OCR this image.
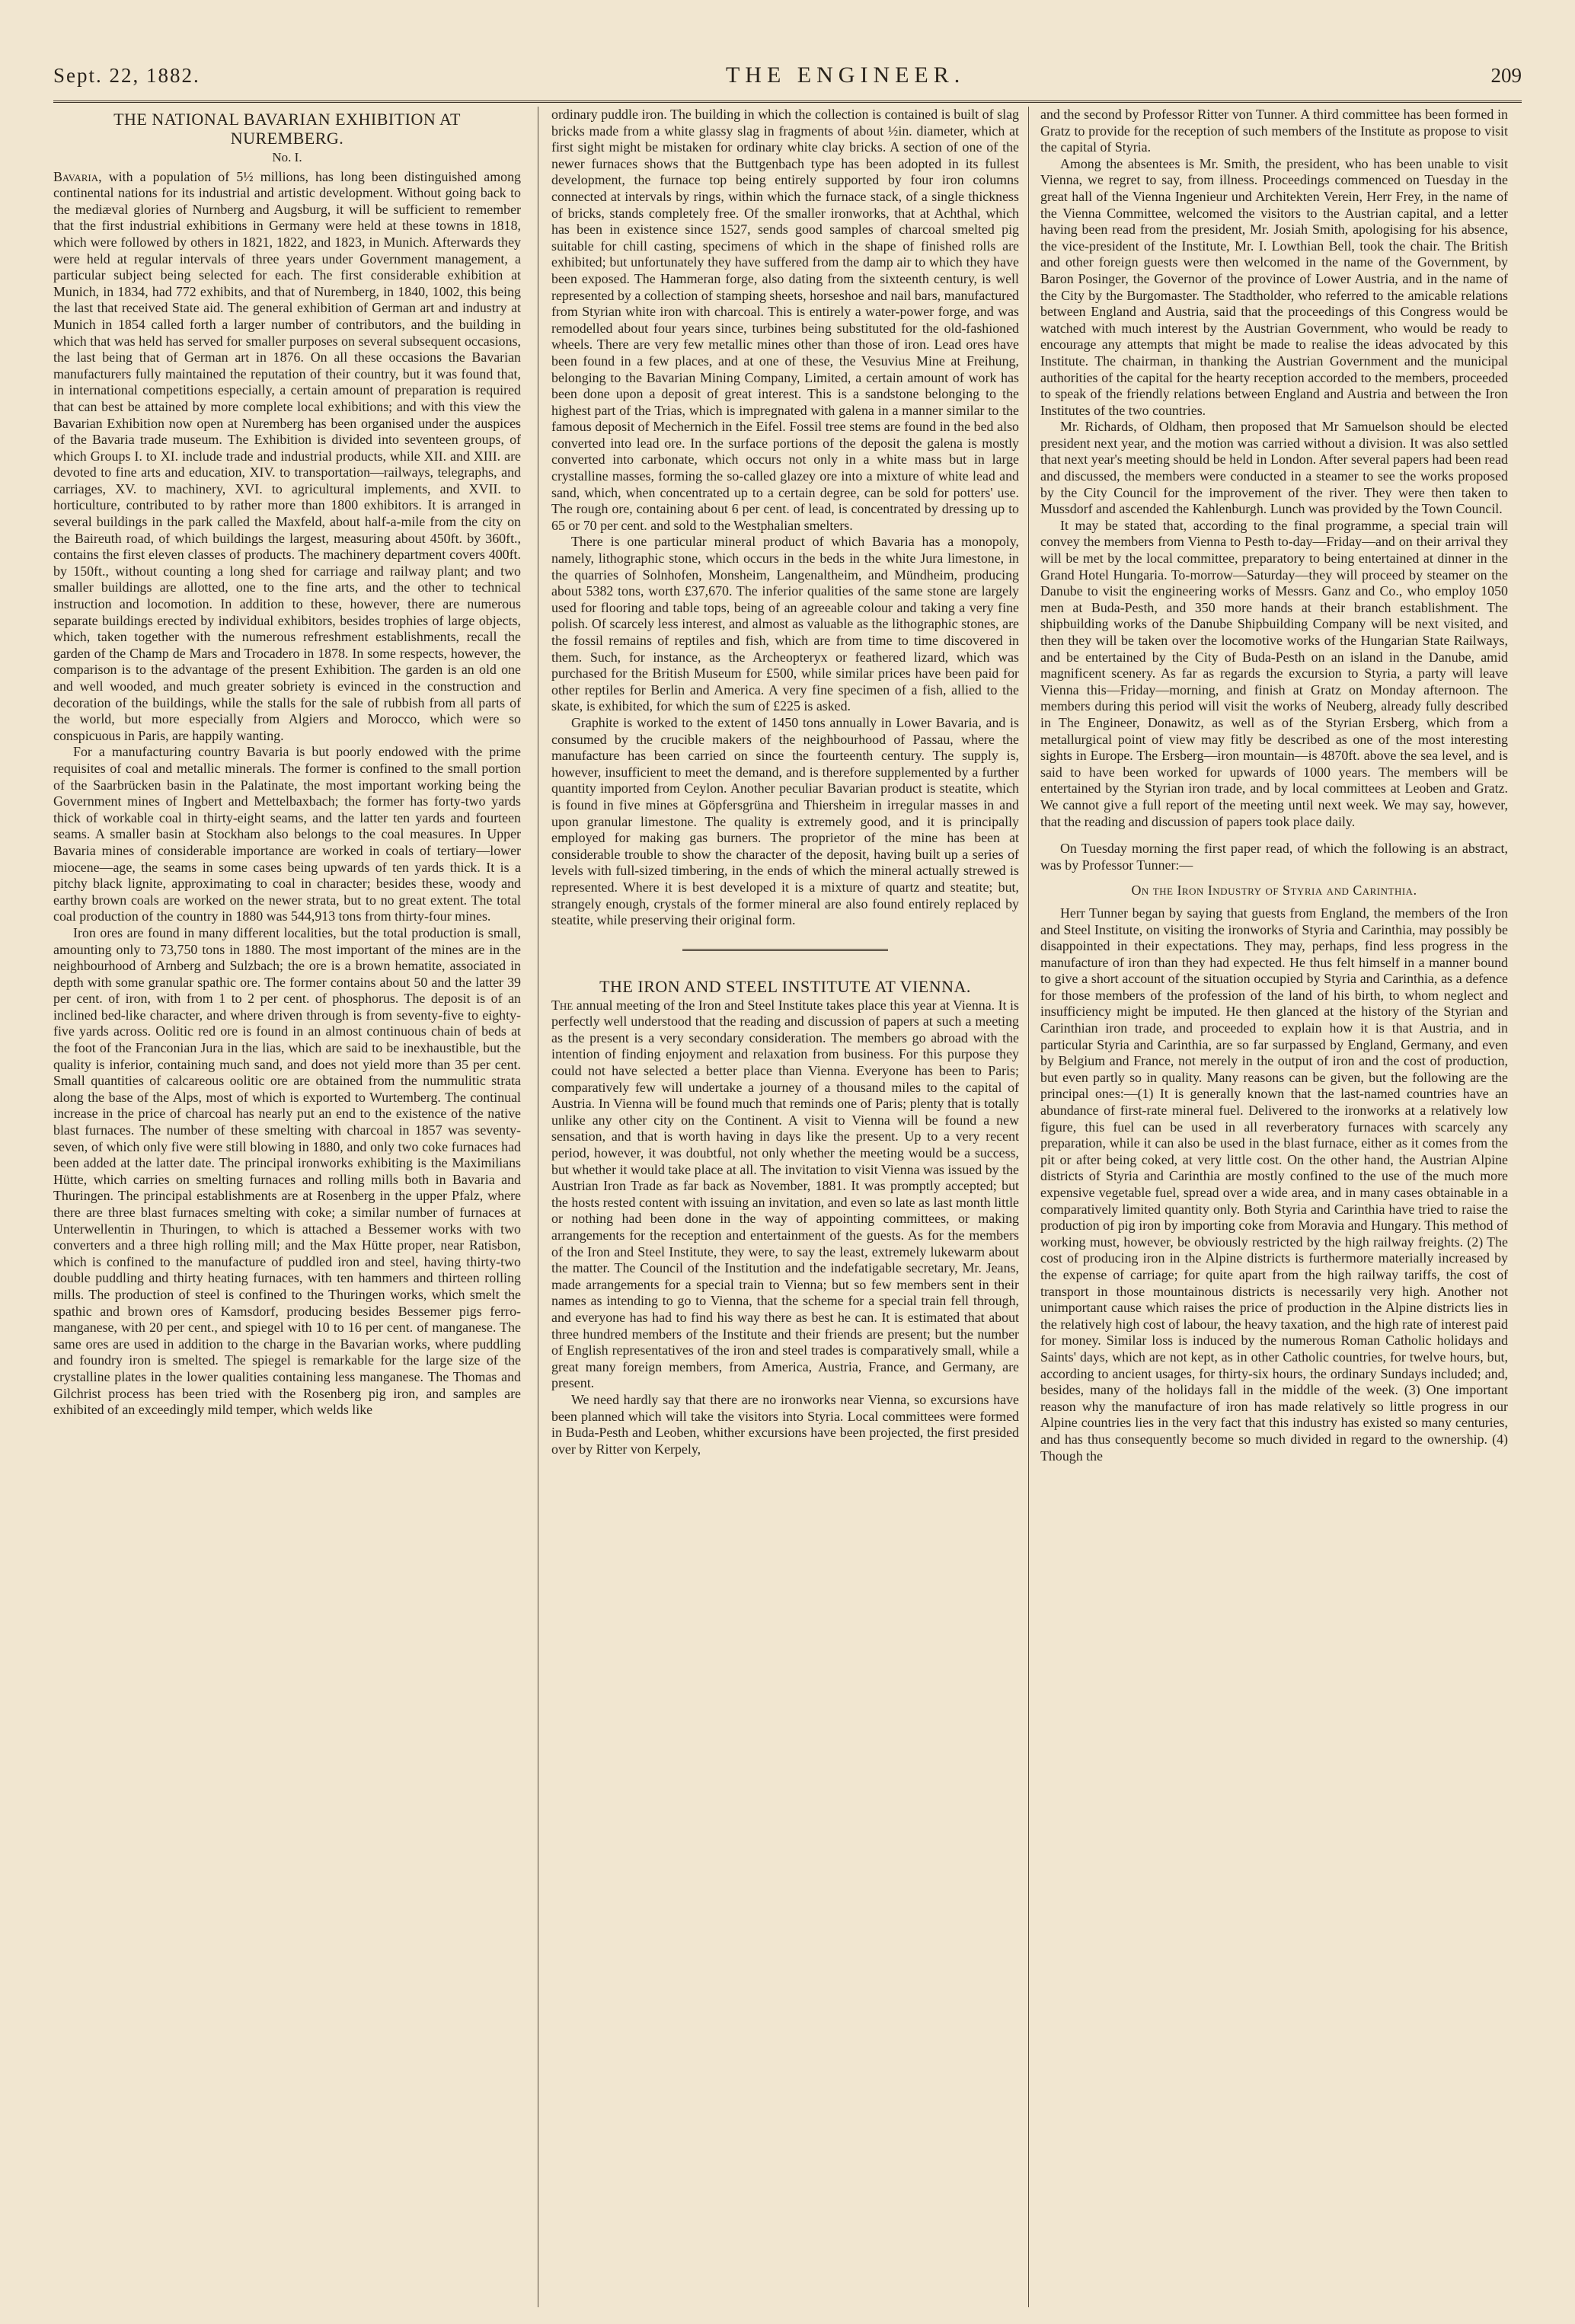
Sept. 22, 1882.	THE ENGINEER.	209
THE NATIONAL BAVARIAN EXHIBITION AT NUREMBERG.
No. I.

Bavaria, with a population of 5½ millions, has long been distinguished among continental nations for its industrial and artistic development. Without going back to the mediæval glories of Nurnberg and Augsburg, it will be sufficient to remember that the first industrial exhibitions in Germany were held at these towns in 1818, which were followed by others in 1821, 1822, and 1823, in Munich. Afterwards they were held at regular intervals of three years under Government management, a particular subject being selected for each. The first considerable exhibition at Munich, in 1834, had 772 exhibits, and that of Nuremberg, in 1840, 1002, this being the last that received State aid. The general exhibition of German art and industry at Munich in 1854 called forth a larger number of contributors, and the building in which that was held has served for smaller purposes on several subsequent occasions, the last being that of German art in 1876. On all these occasions the Bavarian manufacturers fully maintained the reputation of their country, but it was found that, in international competitions especially, a certain amount of preparation is required that can best be attained by more complete local exhibitions; and with this view the Bavarian Exhibition now open at Nuremberg has been organised under the auspices of the Bavaria trade museum. The Exhibition is divided into seventeen groups, of which Groups I. to XI. include trade and industrial products, while XII. and XIII. are devoted to fine arts and education, XIV. to transportation—railways, telegraphs, and carriages, XV. to machinery, XVI. to agricultural implements, and XVII. to horticulture, contributed to by rather more than 1800 exhibitors. It is arranged in several buildings in the park called the Maxfeld, about half-a-mile from the city on the Baireuth road, of which buildings the largest, measuring about 450ft. by 360ft., contains the first eleven classes of products. The machinery department covers 400ft. by 150ft., without counting a long shed for carriage and railway plant; and two smaller buildings are allotted, one to the fine arts, and the other to technical instruction and locomotion. In addition to these, however, there are numerous separate buildings erected by individual exhibitors, besides trophies of large objects, which, taken together with the numerous refreshment establishments, recall the garden of the Champ de Mars and Trocadero in 1878. In some respects, however, the comparison is to the advantage of the present Exhibition. The garden is an old one and well wooded, and much greater sobriety is evinced in the construction and decoration of the buildings, while the stalls for the sale of rubbish from all parts of the world, but more especially from Algiers and Morocco, which were so conspicuous in Paris, are happily wanting.

For a manufacturing country Bavaria is but poorly endowed with the prime requisites of coal and metallic minerals. The former is confined to the small portion of the Saarbrücken basin in the Palatinate, the most important working being the Government mines of Ingbert and Mettelbaxbach; the former has forty-two yards thick of workable coal in thirty-eight seams, and the latter ten yards and fourteen seams. A smaller basin at Stockham also belongs to the coal measures. In Upper Bavaria mines of considerable importance are worked in coals of tertiary—lower miocene—age, the seams in some cases being upwards of ten yards thick. It is a pitchy black lignite, approximating to coal in character; besides these, woody and earthy brown coals are worked on the newer strata, but to no great extent. The total coal production of the country in 1880 was 544,913 tons from thirty-four mines.

Iron ores are found in many different localities, but the total production is small, amounting only to 73,750 tons in 1880. The most important of the mines are in the neighbourhood of Arnberg and Sulzbach; the ore is a brown hematite, associated in depth with some granular spathic ore. The former contains about 50 and the latter 39 per cent. of iron, with from 1 to 2 per cent. of phosphorus. The deposit is of an inclined bed-like character, and where driven through is from seventy-five to eighty-five yards across. Oolitic red ore is found in an almost continuous chain of beds at the foot of the Franconian Jura in the lias, which are said to be inexhaustible, but the quality is inferior, containing much sand, and does not yield more than 35 per cent. Small quantities of calcareous oolitic ore are obtained from the nummulitic strata along the base of the Alps, most of which is exported to Wurtemberg. The continual increase in the price of charcoal has nearly put an end to the existence of the native blast furnaces. The number of these smelting with charcoal in 1857 was seventy-seven, of which only five were still blowing in 1880, and only two coke furnaces had been added at the latter date. The principal ironworks exhibiting is the Maximilians Hütte, which carries on smelting furnaces and rolling mills both in Bavaria and Thuringen. The principal establishments are at Rosenberg in the upper Pfalz, where there are three blast furnaces smelting with coke; a similar number of furnaces at Unterwellentin in Thuringen, to which is attached a Bessemer works with two converters and a three high rolling mill; and the Max Hütte proper, near Ratisbon, which is confined to the manufacture of puddled iron and steel, having thirty-two double puddling and thirty heating furnaces, with ten hammers and thirteen rolling mills. The production of steel is confined to the Thuringen works, which smelt the spathic and brown ores of Kamsdorf, producing besides Bessemer pigs ferro-manganese, with 20 per cent., and spiegel with 10 to 16 per cent. of manganese. The same ores are used in addition to the charge in the Bavarian works, where puddling and foundry iron is smelted. The spiegel is remarkable for the large size of the crystalline plates in the lower qualities containing less manganese. The Thomas and Gilchrist process has been tried with the Rosenberg pig iron, and samples are exhibited of an exceedingly mild temper, which welds like

ordinary puddle iron. The building in which the collection is contained is built of slag bricks made from a white glassy slag in fragments of about ½in. diameter, which at first sight might be mistaken for ordinary white clay bricks. A section of one of the newer furnaces shows that the Buttgenbach type has been adopted in its fullest development, the furnace top being entirely supported by four iron columns connected at intervals by rings, within which the furnace stack, of a single thickness of bricks, stands completely free. Of the smaller ironworks, that at Achthal, which has been in existence since 1527, sends good samples of charcoal smelted pig suitable for chill casting, specimens of which in the shape of finished rolls are exhibited; but unfortunately they have suffered from the damp air to which they have been exposed. The Hammeran forge, also dating from the sixteenth century, is well represented by a collection of stamping sheets, horseshoe and nail bars, manufactured from Styrian white iron with charcoal. This is entirely a water-power forge, and was remodelled about four years since, turbines being substituted for the old-fashioned wheels. There are very few metallic mines other than those of iron. Lead ores have been found in a few places, and at one of these, the Vesuvius Mine at Freihung, belonging to the Bavarian Mining Company, Limited, a certain amount of work has been done upon a deposit of great interest. This is a sandstone belonging to the highest part of the Trias, which is impregnated with galena in a manner similar to the famous deposit of Mechernich in the Eifel. Fossil tree stems are found in the bed also converted into lead ore. In the surface portions of the deposit the galena is mostly converted into carbonate, which occurs not only in a white mass but in large crystalline masses, forming the so-called glazey ore into a mixture of white lead and sand, which, when concentrated up to a certain degree, can be sold for potters' use. The rough ore, containing about 6 per cent. of lead, is concentrated by dressing up to 65 or 70 per cent. and sold to the Westphalian smelters.

There is one particular mineral product of which Bavaria has a monopoly, namely, lithographic stone, which occurs in the beds in the white Jura limestone, in the quarries of Solnhofen, Monsheim, Langenaltheim, and Mündheim, producing about 5382 tons, worth £37,670. The inferior qualities of the same stone are largely used for flooring and table tops, being of an agreeable colour and taking a very fine polish. Of scarcely less interest, and almost as valuable as the lithographic stones, are the fossil remains of reptiles and fish, which are from time to time discovered in them. Such, for instance, as the Archeopteryx or feathered lizard, which was purchased for the British Museum for £500, while similar prices have been paid for other reptiles for Berlin and America. A very fine specimen of a fish, allied to the skate, is exhibited, for which the sum of £225 is asked.

Graphite is worked to the extent of 1450 tons annually in Lower Bavaria, and is consumed by the crucible makers of the neighbourhood of Passau, where the manufacture has been carried on since the fourteenth century. The supply is, however, insufficient to meet the demand, and is therefore supplemented by a further quantity imported from Ceylon. Another peculiar Bavarian product is steatite, which is found in five mines at Göpfersgrüna and Thiersheim in irregular masses in and upon granular limestone. The quality is extremely good, and it is principally employed for making gas burners. The proprietor of the mine has been at considerable trouble to show the character of the deposit, having built up a series of levels with full-sized timbering, in the ends of which the mineral actually strewed is represented. Where it is best developed it is a mixture of quartz and steatite; but, strangely enough, crystals of the former mineral are also found entirely replaced by steatite, while preserving their original form.

THE IRON AND STEEL INSTITUTE AT VIENNA.

The annual meeting of the Iron and Steel Institute takes place this year at Vienna. It is perfectly well understood that the reading and discussion of papers at such a meeting as the present is a very secondary consideration. The members go abroad with the intention of finding enjoyment and relaxation from business. For this purpose they could not have selected a better place than Vienna. Everyone has been to Paris; comparatively few will undertake a journey of a thousand miles to the capital of Austria. In Vienna will be found much that reminds one of Paris; plenty that is totally unlike any other city on the Continent. A visit to Vienna will be found a new sensation, and that is worth having in days like the present. Up to a very recent period, however, it was doubtful, not only whether the meeting would be a success, but whether it would take place at all. The invitation to visit Vienna was issued by the Austrian Iron Trade as far back as November, 1881. It was promptly accepted; but the hosts rested content with issuing an invitation, and even so late as last month little or nothing had been done in the way of appointing committees, or making arrangements for the reception and entertainment of the guests. As for the members of the Iron and Steel Institute, they were, to say the least, extremely lukewarm about the matter. The Council of the Institution and the indefatigable secretary, Mr. Jeans, made arrangements for a special train to Vienna; but so few members sent in their names as intending to go to Vienna, that the scheme for a special train fell through, and everyone has had to find his way there as best he can. It is estimated that about three hundred members of the Institute and their friends are present; but the number of English representatives of the iron and steel trades is comparatively small, while a great many foreign members, from America, Austria, France, and Germany, are present.

We need hardly say that there are no ironworks near Vienna, so excursions have been planned which will take the visitors into Styria. Local committees were formed in Buda-Pesth and Leoben, whither excursions have been projected, the first presided over by Ritter von Kerpely,

and the second by Professor Ritter von Tunner. A third committee has been formed in Gratz to provide for the reception of such members of the Institute as propose to visit the capital of Styria.

Among the absentees is Mr. Smith, the president, who has been unable to visit Vienna, we regret to say, from illness. Proceedings commenced on Tuesday in the great hall of the Vienna Ingenieur und Architekten Verein, Herr Frey, in the name of the Vienna Committee, welcomed the visitors to the Austrian capital, and a letter having been read from the president, Mr. Josiah Smith, apologising for his absence, the vice-president of the Institute, Mr. I. Lowthian Bell, took the chair. The British and other foreign guests were then welcomed in the name of the Government, by Baron Posinger, the Governor of the province of Lower Austria, and in the name of the City by the Burgomaster. The Stadtholder, who referred to the amicable relations between England and Austria, said that the proceedings of this Congress would be watched with much interest by the Austrian Government, who would be ready to encourage any attempts that might be made to realise the ideas advocated by this Institute. The chairman, in thanking the Austrian Government and the municipal authorities of the capital for the hearty reception accorded to the members, proceeded to speak of the friendly relations between England and Austria and between the Iron Institutes of the two countries.

Mr. Richards, of Oldham, then proposed that Mr Samuelson should be elected president next year, and the motion was carried without a division. It was also settled that next year's meeting should be held in London. After several papers had been read and discussed, the members were conducted in a steamer to see the works proposed by the City Council for the improvement of the river. They were then taken to Mussdorf and ascended the Kahlenburgh. Lunch was provided by the Town Council.

It may be stated that, according to the final programme, a special train will convey the members from Vienna to Pesth to-day—Friday—and on their arrival they will be met by the local committee, preparatory to being entertained at dinner in the Grand Hotel Hungaria. To-morrow—Saturday—they will proceed by steamer on the Danube to visit the engineering works of Messrs. Ganz and Co., who employ 1050 men at Buda-Pesth, and 350 more hands at their branch establishment. The shipbuilding works of the Danube Shipbuilding Company will be next visited, and then they will be taken over the locomotive works of the Hungarian State Railways, and be entertained by the City of Buda-Pesth on an island in the Danube, amid magnificent scenery. As far as regards the excursion to Styria, a party will leave Vienna this—Friday—morning, and finish at Gratz on Monday afternoon. The members during this period will visit the works of Neuberg, already fully described in The Engineer, Donawitz, as well as of the Styrian Ersberg, which from a metallurgical point of view may fitly be described as one of the most interesting sights in Europe. The Ersberg—iron mountain—is 4870ft. above the sea level, and is said to have been worked for upwards of 1000 years. The members will be entertained by the Styrian iron trade, and by local committees at Leoben and Gratz. We cannot give a full report of the meeting until next week. We may say, however, that the reading and discussion of papers took place daily.

On Tuesday morning the first paper read, of which the following is an abstract, was by Professor Tunner:—

On the Iron Industry of Styria and Carinthia.

Herr Tunner began by saying that guests from England, the members of the Iron and Steel Institute, on visiting the ironworks of Styria and Carinthia, may possibly be disappointed in their expectations. They may, perhaps, find less progress in the manufacture of iron than they had expected. He thus felt himself in a manner bound to give a short account of the situation occupied by Styria and Carinthia, as a defence for those members of the profession of the land of his birth, to whom neglect and insufficiency might be imputed. He then glanced at the history of the Styrian and Carinthian iron trade, and proceeded to explain how it is that Austria, and in particular Styria and Carinthia, are so far surpassed by England, Germany, and even by Belgium and France, not merely in the output of iron and the cost of production, but even partly so in quality. Many reasons can be given, but the following are the principal ones:—(1) It is generally known that the last-named countries have an abundance of first-rate mineral fuel. Delivered to the ironworks at a relatively low figure, this fuel can be used in all reverberatory furnaces with scarcely any preparation, while it can also be used in the blast furnace, either as it comes from the pit or after being coked, at very little cost. On the other hand, the Austrian Alpine districts of Styria and Carinthia are mostly confined to the use of the much more expensive vegetable fuel, spread over a wide area, and in many cases obtainable in a comparatively limited quantity only. Both Styria and Carinthia have tried to raise the production of pig iron by importing coke from Moravia and Hungary. This method of working must, however, be obviously restricted by the high railway freights. (2) The cost of producing iron in the Alpine districts is furthermore materially increased by the expense of carriage; for quite apart from the high railway tariffs, the cost of transport in those mountainous districts is necessarily very high. Another not unimportant cause which raises the price of production in the Alpine districts lies in the relatively high cost of labour, the heavy taxation, and the high rate of interest paid for money. Similar loss is induced by the numerous Roman Catholic holidays and Saints' days, which are not kept, as in other Catholic countries, for twelve hours, but, according to ancient usages, for thirty-six hours, the ordinary Sundays included; and, besides, many of the holidays fall in the middle of the week. (3) One important reason why the manufacture of iron has made relatively so little progress in our Alpine countries lies in the very fact that this industry has existed so many centuries, and has thus consequently become so much divided in regard to the ownership. (4) Though the
